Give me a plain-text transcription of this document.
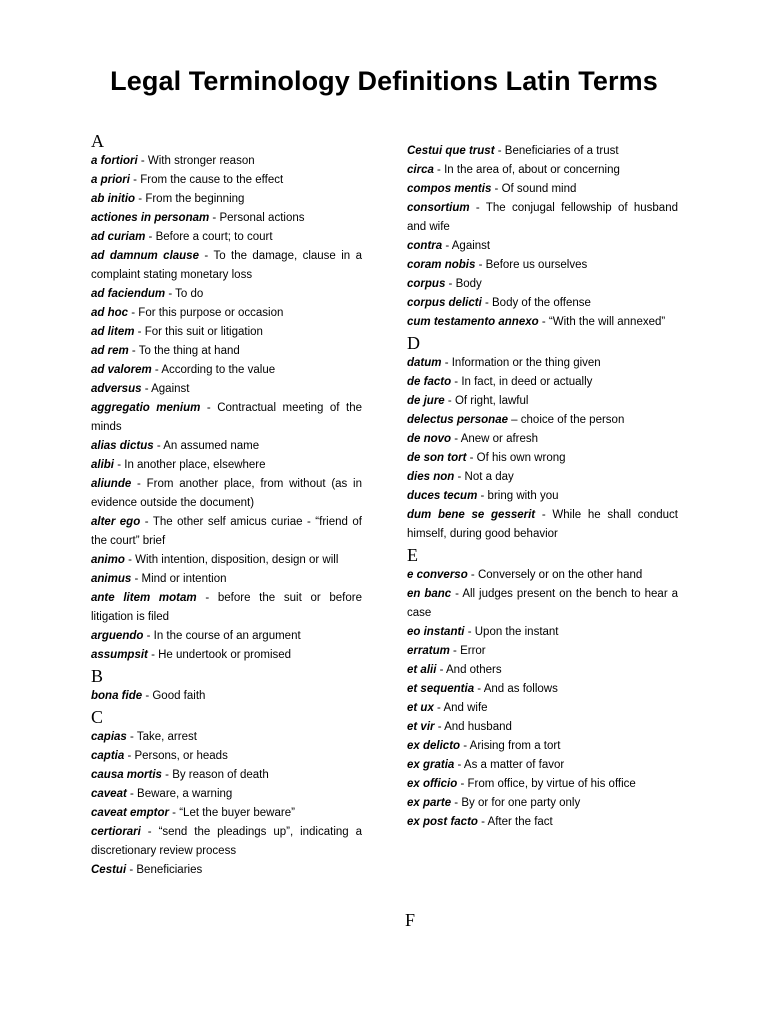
Legal Terminology Definitions Latin Terms
A
a fortiori - With stronger reason
a priori - From the cause to the effect
ab initio - From the beginning
actiones in personam - Personal actions
ad curiam - Before a court; to court
ad damnum clause - To the damage, clause in a complaint stating monetary loss
ad faciendum - To do
ad hoc - For this purpose or occasion
ad litem - For this suit or litigation
ad rem - To the thing at hand
ad valorem - According to the value
adversus - Against
aggregatio menium - Contractual meeting of the minds
alias dictus - An assumed name
alibi - In another place, elsewhere
aliunde - From another place, from without (as in evidence outside the document)
alter ego - The other self amicus curiae - “friend of the court” brief
animo - With intention, disposition, design or will
animus - Mind or intention
ante litem motam - before the suit or before litigation is filed
arguendo - In the course of an argument
assumpsit - He undertook or promised
B
bona fide - Good faith
C
capias - Take, arrest
captia - Persons, or heads
causa mortis - By reason of death
caveat - Beware, a warning
caveat emptor - “Let the buyer beware”
certiorari - “send the pleadings up”, indicating a discretionary review process
Cestui - Beneficiaries
Cestui que trust - Beneficiaries of a trust
circa - In the area of, about or concerning
compos mentis - Of sound mind
consortium - The conjugal fellowship of husband and wife
contra - Against
coram nobis - Before us ourselves
corpus - Body
corpus delicti - Body of the offense
cum testamento annexo - “With the will annexed”
D
datum - Information or the thing given
de facto - In fact, in deed or actually
de jure - Of right, lawful
delectus personae – choice of the person
de novo - Anew or afresh
de son tort - Of his own wrong
dies non - Not a day
duces tecum - bring with you
dum bene se gesserit - While he shall conduct himself, during good behavior
E
e converso - Conversely or on the other hand
en banc - All judges present on the bench to hear a case
eo instanti - Upon the instant
erratum - Error
et alii - And others
et sequentia - And as follows
et ux - And wife
et vir - And husband
ex delicto - Arising from a tort
ex gratia - As a matter of favor
ex officio - From office, by virtue of his office
ex parte - By or for one party only
ex post facto - After the fact
F
